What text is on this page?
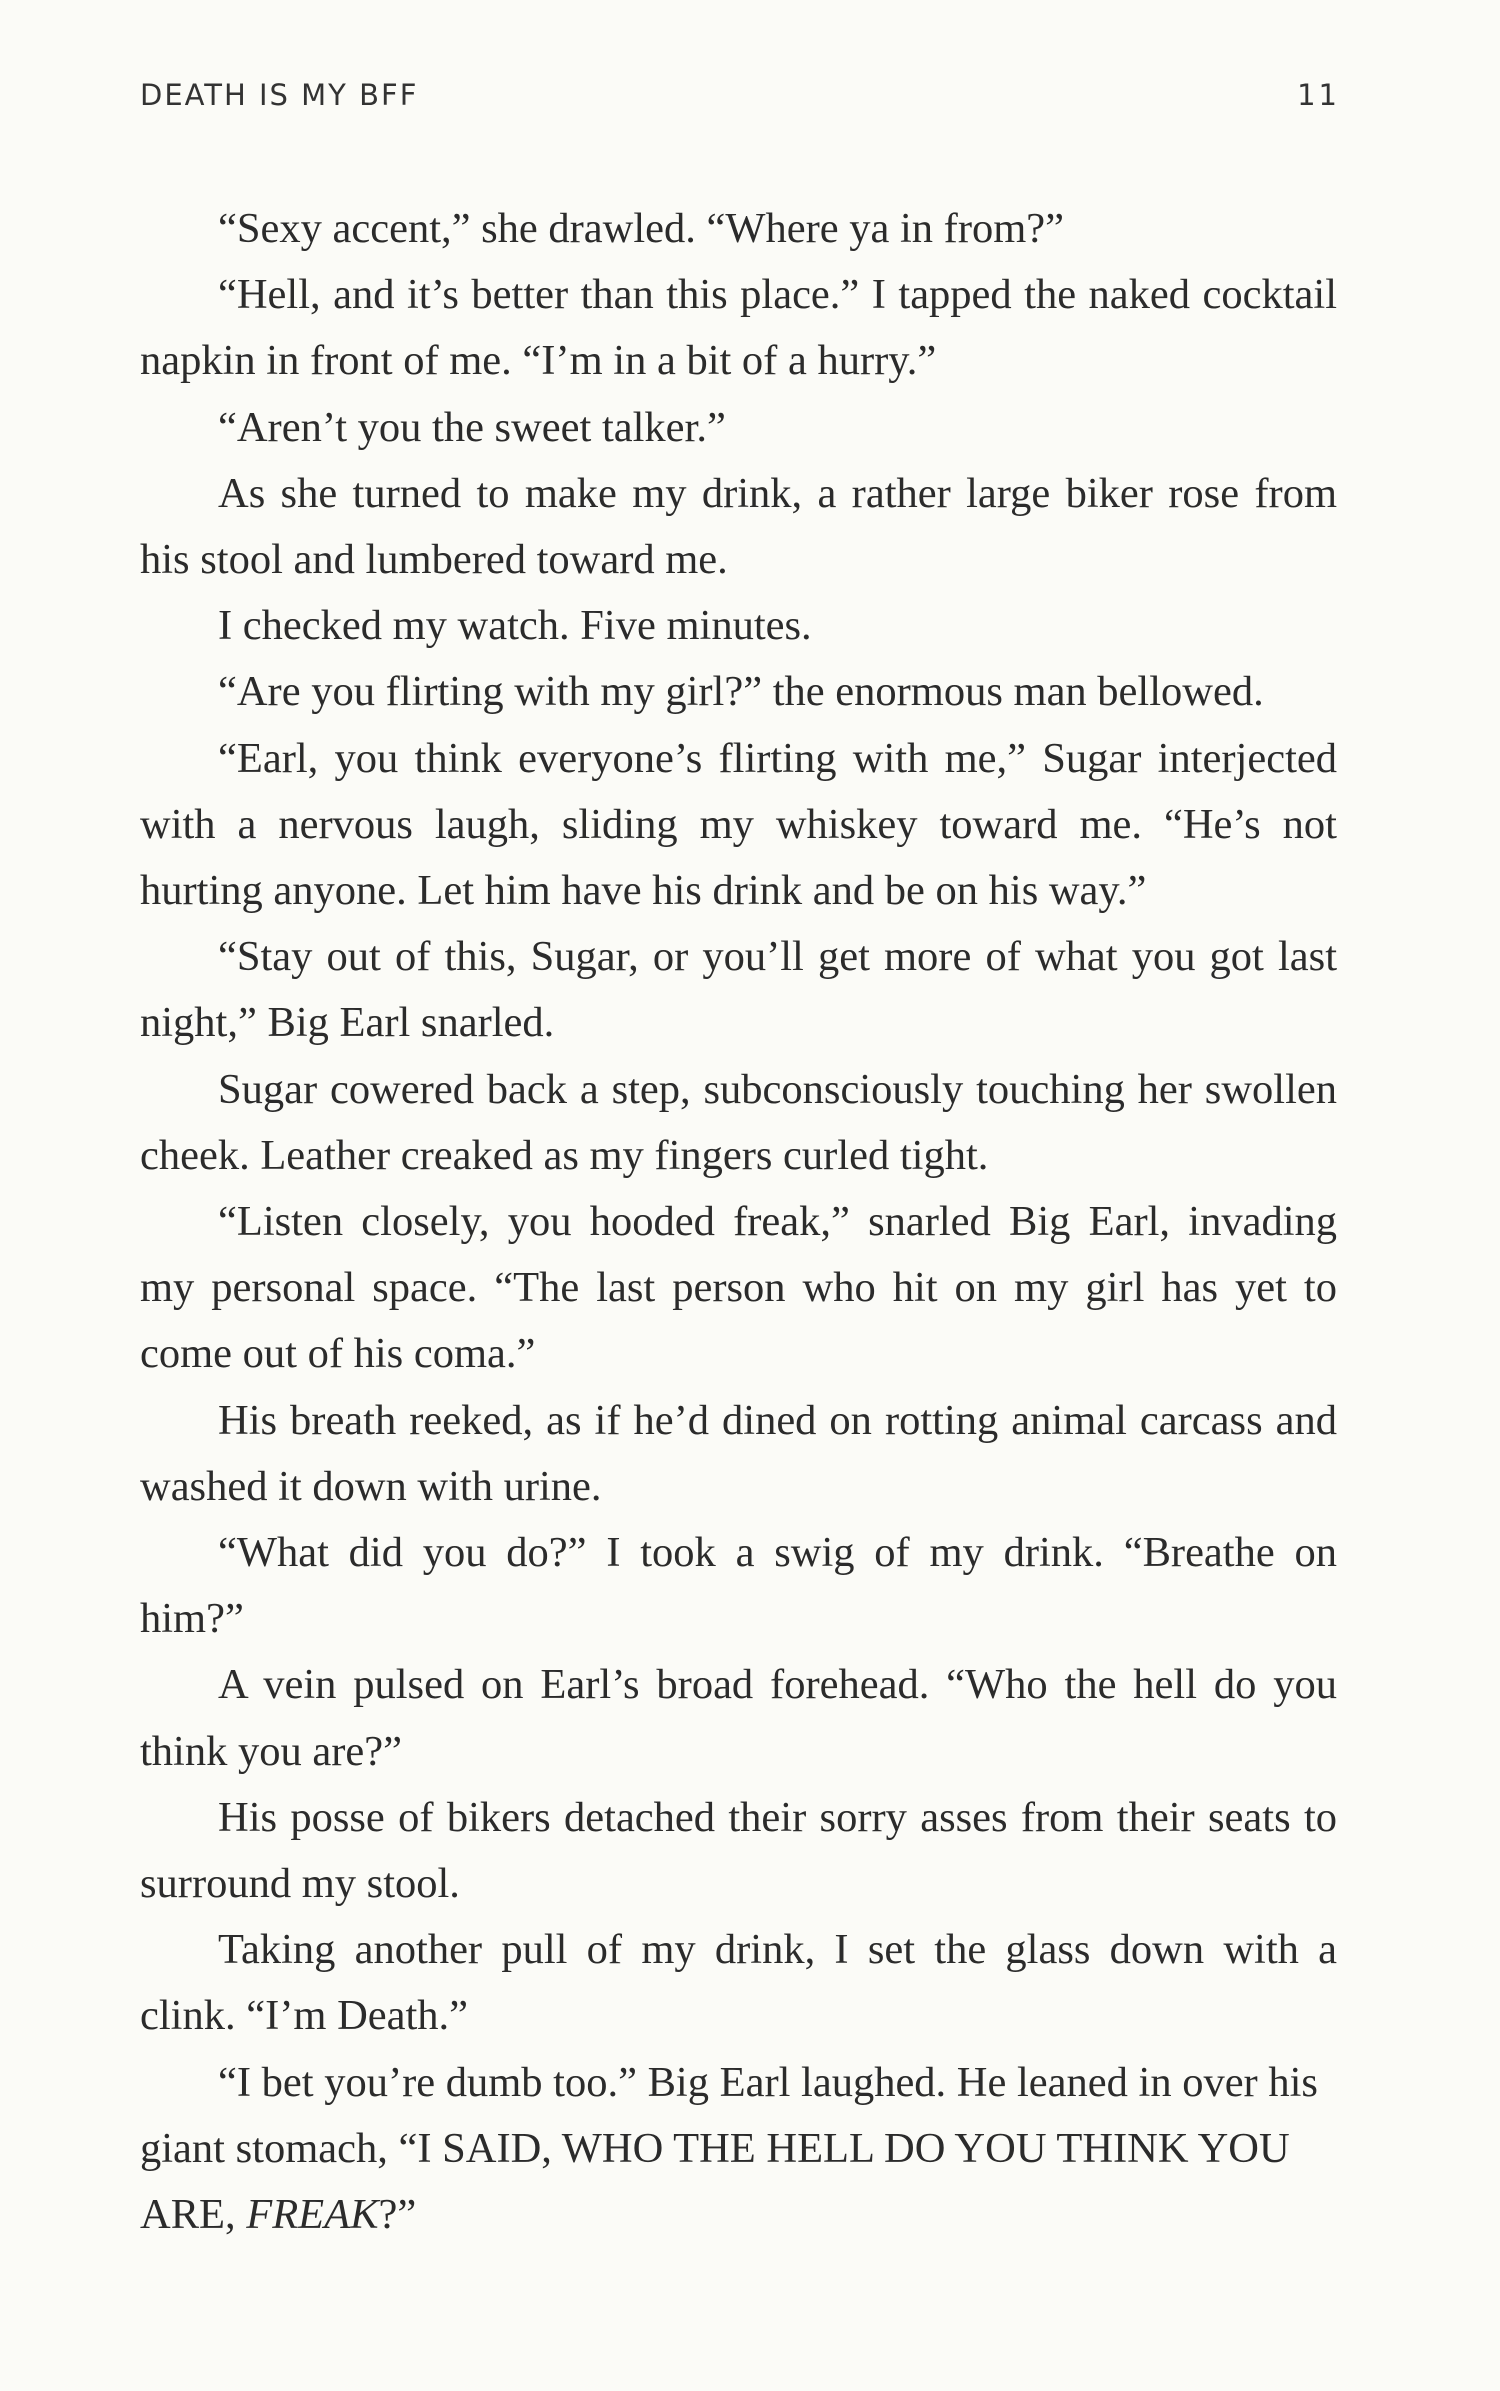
DEATH IS MY BFF	11

“Sexy accent,” she drawled. “Where ya in from?”

“Hell, and it’s better than this place.” I tapped the naked cocktail napkin in front of me. “I’m in a bit of a hurry.”

“Aren’t you the sweet talker.”

As she turned to make my drink, a rather large biker rose from his stool and lumbered toward me.

I checked my watch. Five minutes.

“Are you flirting with my girl?” the enormous man bellowed.

“Earl, you think everyone’s flirting with me,” Sugar interjected with a nervous laugh, sliding my whiskey toward me. “He’s not hurting anyone. Let him have his drink and be on his way.”

“Stay out of this, Sugar, or you’ll get more of what you got last night,” Big Earl snarled.

Sugar cowered back a step, subconsciously touching her swollen cheek. Leather creaked as my fingers curled tight.

“Listen closely, you hooded freak,” snarled Big Earl, invading my personal space. “The last person who hit on my girl has yet to come out of his coma.”

His breath reeked, as if he’d dined on rotting animal carcass and washed it down with urine.

“What did you do?” I took a swig of my drink. “Breathe on him?”

A vein pulsed on Earl’s broad forehead. “Who the hell do you think you are?”

His posse of bikers detached their sorry asses from their seats to surround my stool.

Taking another pull of my drink, I set the glass down with a clink. “I’m Death.”

“I bet you’re dumb too.” Big Earl laughed. He leaned in over his giant stomach, “I SAID, WHO THE HELL DO YOU THINK YOU ARE, FREAK?”
